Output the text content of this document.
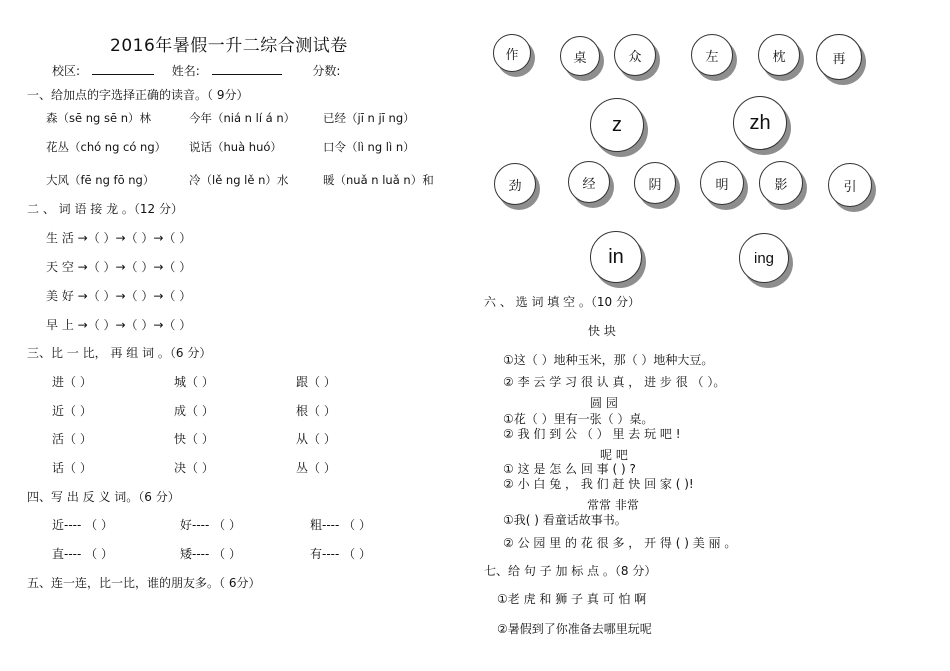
2016年暑假一升二综合测试卷
校区:	姓名:	分数:
一、给加点的字选择正确的读音。（ 9分）
森（sē ng sē n）林	今年（niá n lí á n） 已经（jī n jī ng）
花丛（chó ng có ng） 说话（huà huó）	口令（lì ng lì n）
大风（fē ng fō ng）	冷（lě ng lě n）水	暖（nuǎ n luǎ n）和
二 、 词 语 接 龙 。（12 分）
生 活 →（ ）→（ ）→（ ）
天 空 →（ ）→（ ）→（ ）
美 好 →（ ）→（ ）→（ ）
早 上 →（ ）→（ ）→（ ）
三、比 一 比， 再 组 词 。（6 分）
进（ ）	城（ ）	跟（ ）
近（ ）	成（ ）	根（ ）
活（ ）	快（ ）	从（ ）
话（ ）	决（ ）	丛（ ）
四、写 出 反 义 词。（6 分）
近---- （ ）	好---- （ ）	粗---- （ ）
直---- （ ）	矮---- （ ）	有---- （ ）
五、连一连，比一比，谁的朋友多。（ 6分）
作	桌	众	左	枕	再
z	zh
劲	经	阴	明	影	引
in	ing
六 、 选 词 填 空 。（10 分）
快 块
①这（ ）地种玉米，那（ ）地种大豆。
② 李 云 学 习 很 认 真 ， 进 步 很 （ ）。
圆 园
①花（ ）里有一张（ ）桌。
② 我 们 到 公 （ ） 里 去 玩 吧 !
呢 吧
① 这 是 怎 么 回 事 ( ) ?
② 小 白 兔 ， 我 们 赶 快 回 家 ( )!
常常 非常
①我( ) 看童话故事书。
② 公 园 里 的 花 很 多 ， 开 得 ( ) 美 丽 。
七、给 句 子 加 标 点 。（8 分）
①老 虎 和 狮 子 真 可 怕 啊
②暑假到了你准备去哪里玩呢
